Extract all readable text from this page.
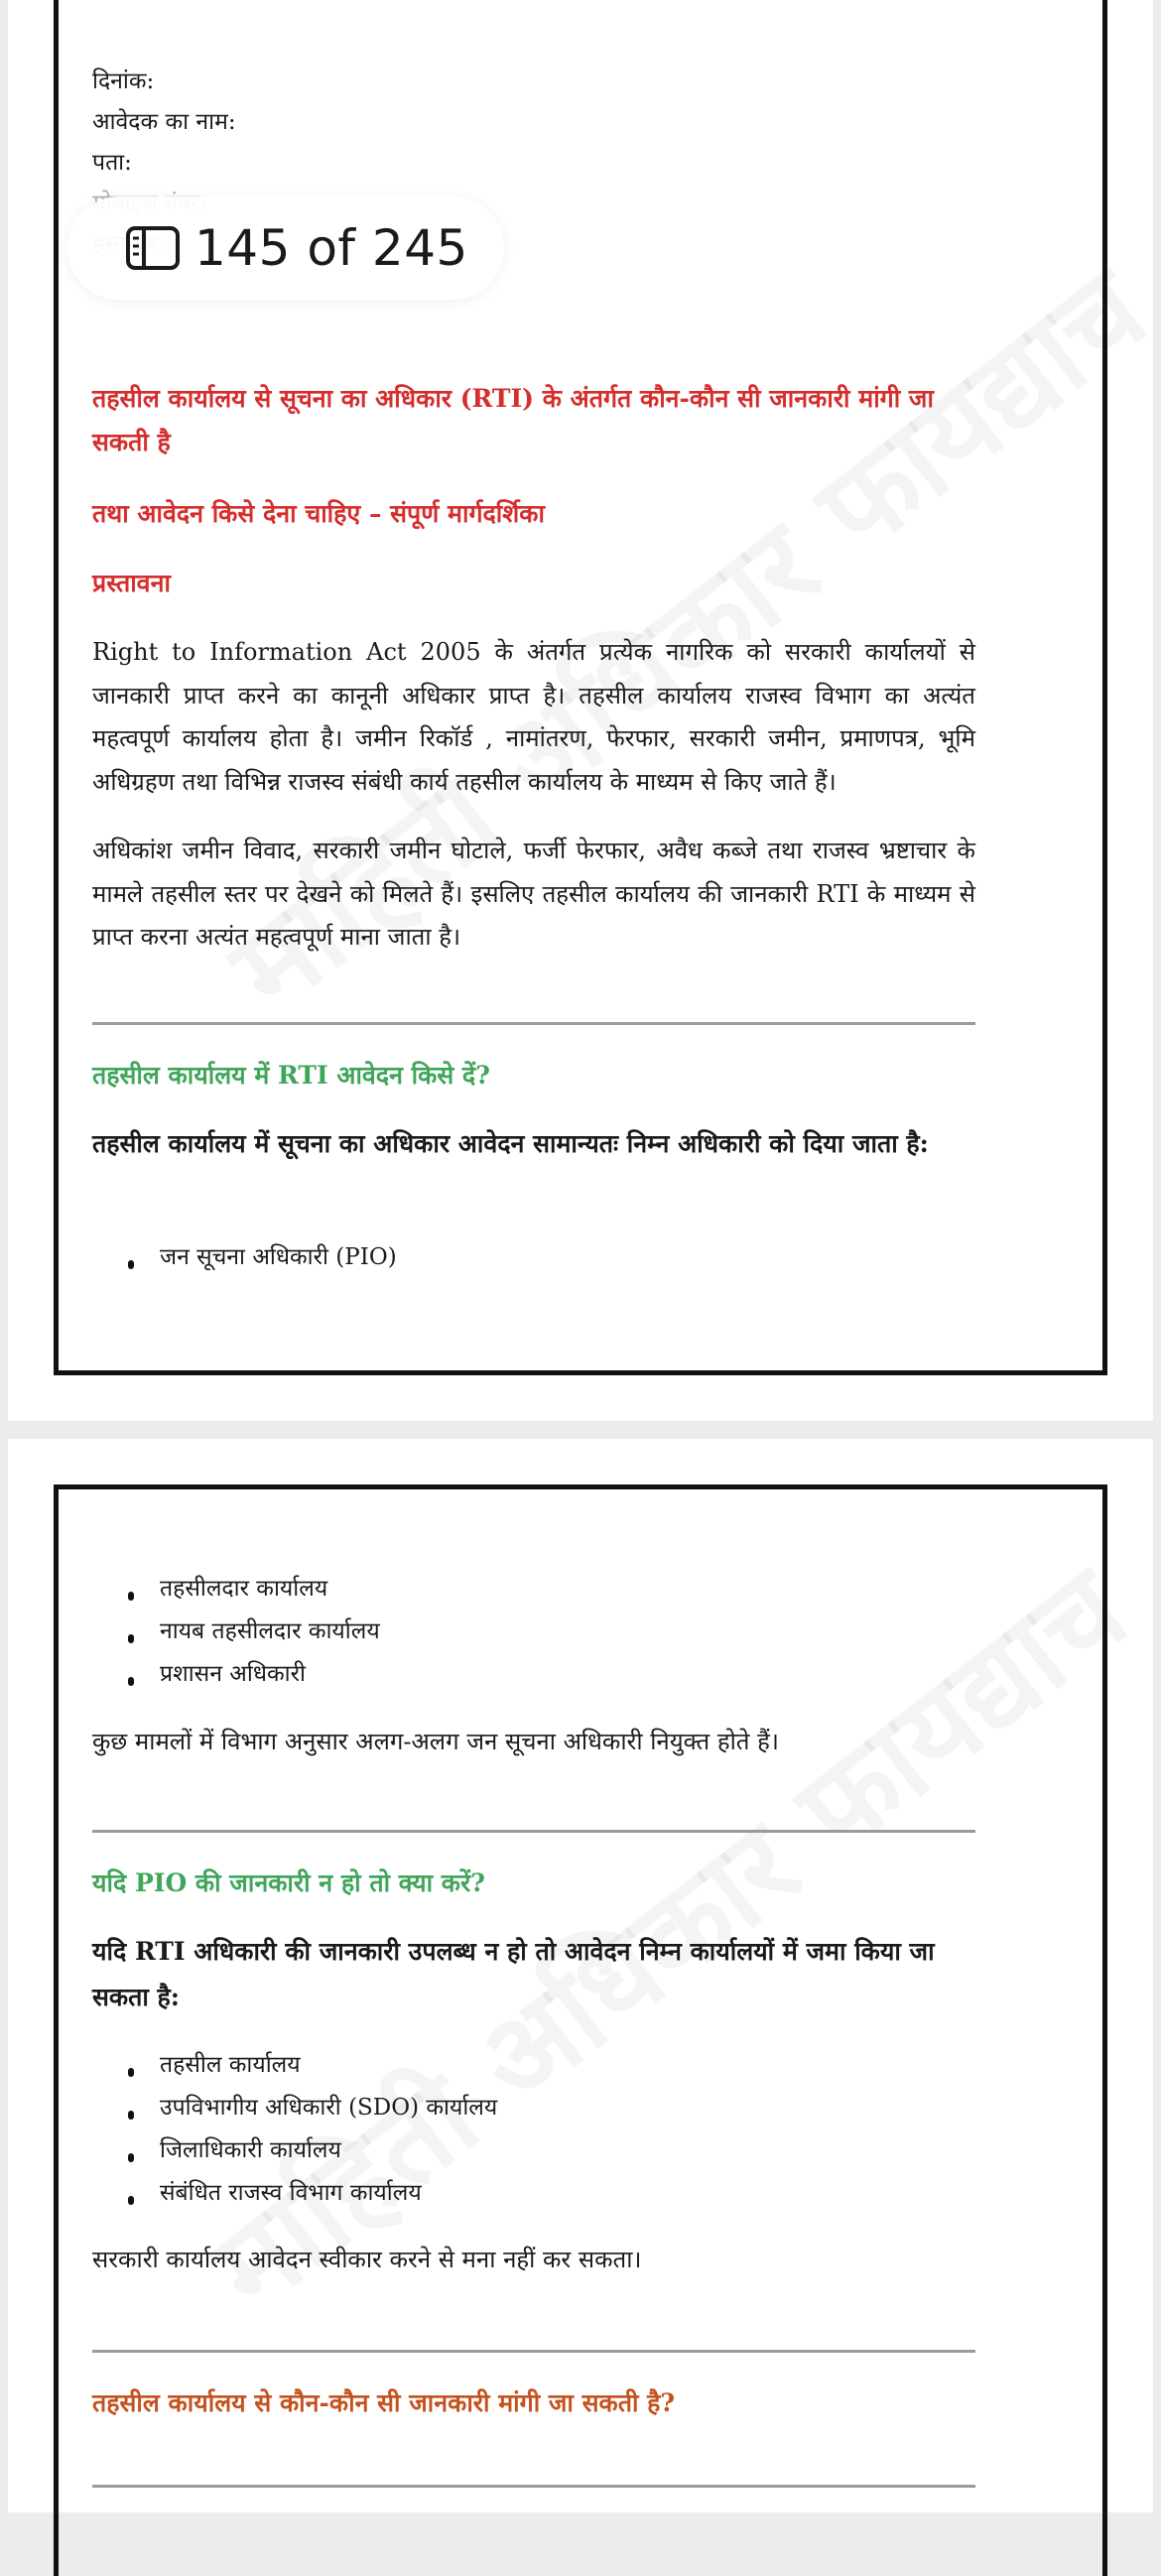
दिनांक:
आवेदक का नाम:
पता:
तहसील कार्यालय से सूचना का अधिकार (RTI) के अंतर्गत कौन-कौन सी जानकारी मांगी जा
सकती है
तथा आवेदन किसे देना चाहिए – संपूर्ण मार्गदर्शिका
प्रस्तावना
Right to Information Act 2005 के अंतर्गत प्रत्येक नागरिक को सरकारी कार्यालयों से जानकारी प्राप्त करने का कानूनी अधिकार प्राप्त है। तहसील कार्यालय राजस्व विभाग का अत्यंत महत्वपूर्ण कार्यालय होता है। जमीन रिकॉर्ड , नामांतरण, फेरफार, सरकारी जमीन, प्रमाणपत्र, भूमि अधिग्रहण तथा विभिन्न राजस्व संबंधी कार्य तहसील कार्यालय के माध्यम से किए जाते हैं।
अधिकांश जमीन विवाद, सरकारी जमीन घोटाले, फर्जी फेरफार, अवैध कब्जे तथा राजस्व भ्रष्टाचार के मामले तहसील स्तर पर देखने को मिलते हैं। इसलिए तहसील कार्यालय की जानकारी RTI के माध्यम से प्राप्त करना अत्यंत महत्वपूर्ण माना जाता है।
तहसील कार्यालय में RTI आवेदन किसे दें?
तहसील कार्यालय में सूचना का अधिकार आवेदन सामान्यतः निम्न अधिकारी को दिया जाता है:
जन सूचना अधिकारी (PIO)
145 of 245
तहसीलदार कार्यालय
नायब तहसीलदार कार्यालय
प्रशासन अधिकारी
कुछ मामलों में विभाग अनुसार अलग-अलग जन सूचना अधिकारी नियुक्त होते हैं।
यदि PIO की जानकारी न हो तो क्या करें?
यदि RTI अधिकारी की जानकारी उपलब्ध न हो तो आवेदन निम्न कार्यालयों में जमा किया जा सकता है:
तहसील कार्यालय
उपविभागीय अधिकारी (SDO) कार्यालय
जिलाधिकारी कार्यालय
संबंधित राजस्व विभाग कार्यालय
सरकारी कार्यालय आवेदन स्वीकार करने से मना नहीं कर सकता।
तहसील कार्यालय से कौन-कौन सी जानकारी मांगी जा सकती है?
